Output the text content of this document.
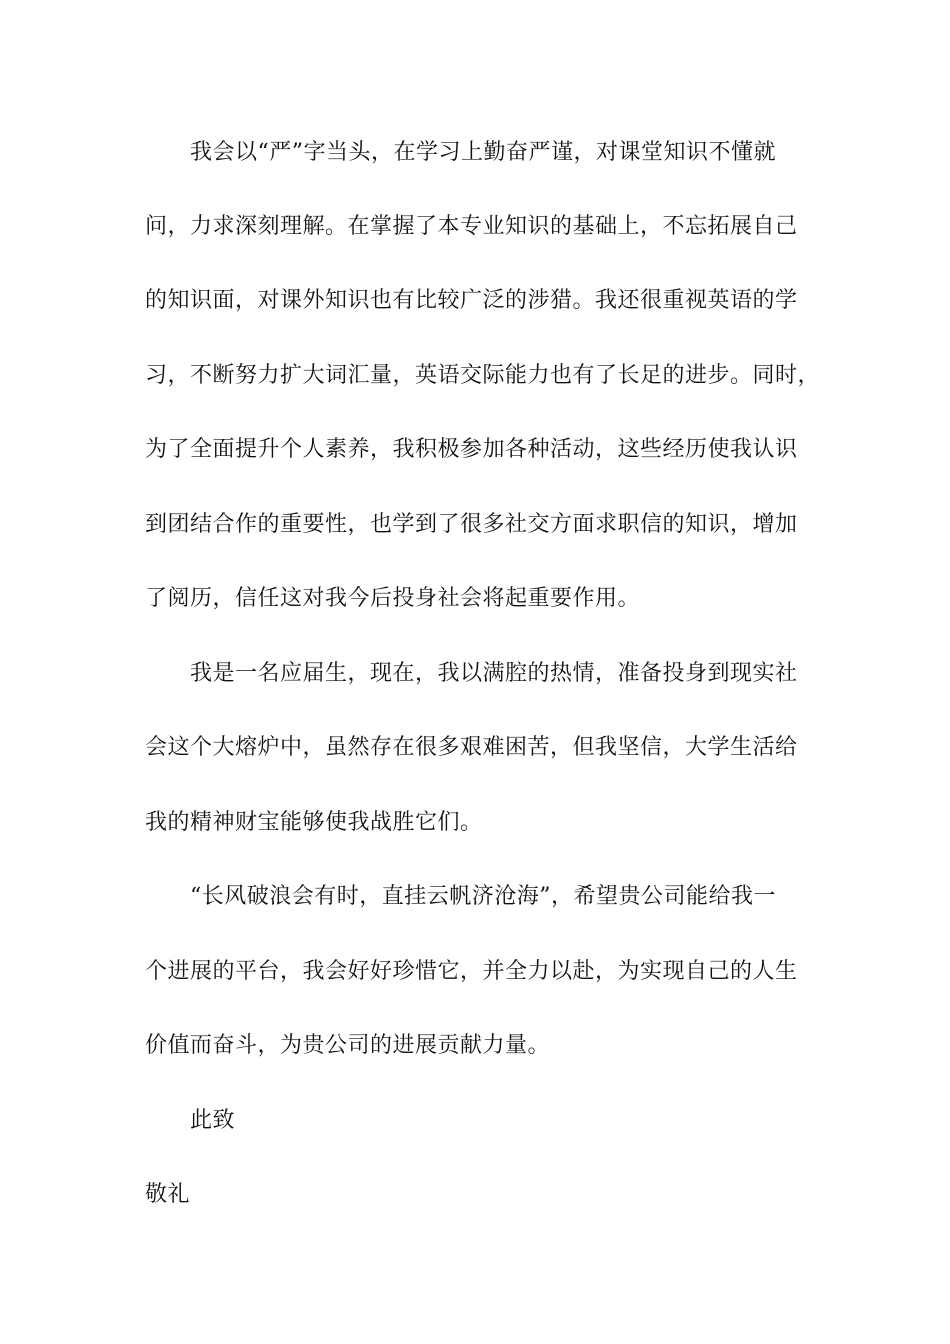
我会以“严”字当头，在学习上勤奋严谨，对课堂知识不懂就
问，力求深刻理解。在掌握了本专业知识的基础上，不忘拓展自己
的知识面，对课外知识也有比较广泛的涉猎。我还很重视英语的学
习，不断努力扩大词汇量，英语交际能力也有了长足的进步。同时，
为了全面提升个人素养，我积极参加各种活动，这些经历使我认识
到团结合作的重要性，也学到了很多社交方面求职信的知识，增加
了阅历，信任这对我今后投身社会将起重要作用。
我是一名应届生，现在，我以满腔的热情，准备投身到现实社
会这个大熔炉中，虽然存在很多艰难困苦，但我坚信，大学生活给
我的精神财宝能够使我战胜它们。
“长风破浪会有时，直挂云帆济沧海”，希望贵公司能给我一
个进展的平台，我会好好珍惜它，并全力以赴，为实现自己的人生
价值而奋斗，为贵公司的进展贡献力量。
此致
敬礼
